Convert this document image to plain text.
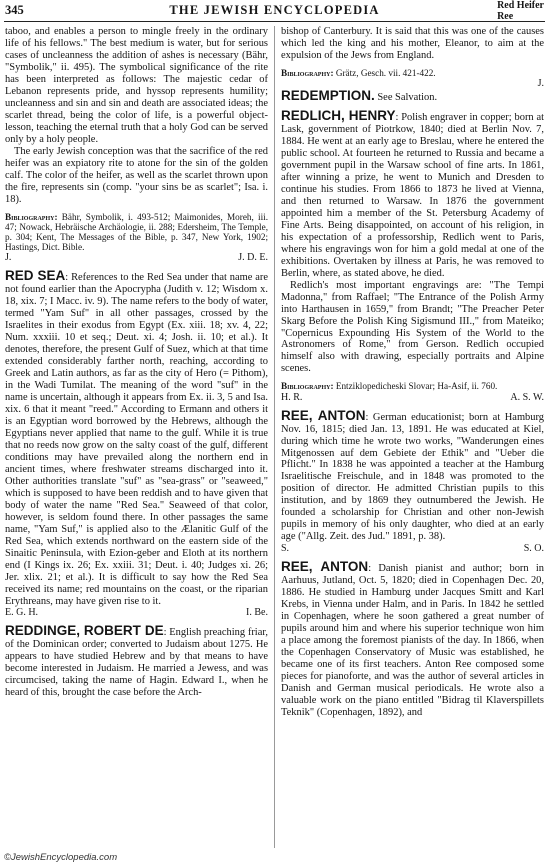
345	THE JEWISH ENCYCLOPEDIA	Red Heifer
Ree

taboo, and enables a person to mingle freely in the ordinary life of his fellows." The best medium is water, but for serious cases of uncleanness the addition of ashes is necessary (Bähr, "Symbolik," ii. 495). The symbolical significance of the rite has been interpreted as follows: The majestic cedar of Lebanon represents pride, and hyssop represents humility; uncleanness and sin and sin and death are associated ideas; the scarlet thread, being the color of life, is a powerful object-lesson, teaching the eternal truth that a holy God can be served only by a holy people.

The early Jewish conception was that the sacrifice of the red heifer was an expiatory rite to atone for the sin of the golden calf. The color of the heifer, as well as the scarlet thrown upon the fire, represents sin (comp. "your sins be as scarlet"; Isa. i. 18).

Bibliography: Bähr, Symbolik, i. 493-512; Maimonides, Moreh, iii. 47; Nowack, Hebräische Archäologie, ii. 288; Edersheim, The Temple, p. 304; Kent, The Messages of the Bible, p. 347, New York, 1902; Hastings, Dict. Bible.

J.	J. D. E.

RED SEA: References to the Red Sea under that name are not found earlier than the Apocrypha (Judith v. 12; Wisdom x. 18, xix. 7; I Macc. iv. 9). The name refers to the body of water, termed "Yam Suf" in all other passages, crossed by the Israelites in their exodus from Egypt (Ex. xiii. 18; xv. 4, 22; Num. xxxiii. 10 et seq.; Deut. xi. 4; Josh. ii. 10; et al.). It denotes, therefore, the present Gulf of Suez, which at that time extended considerably farther north, reaching, according to Greek and Latin authors, as far as the city of Hero (= Pithom), in the Wadi Tumilat. The meaning of the word "suf" in the name is uncertain, although it appears from Ex. ii. 3, 5 and Isa. xix. 6 that it meant "reed." According to Ermann and others it is an Egyptian word borrowed by the Hebrews, although the Egyptians never applied that name to the gulf. While it is true that no reeds now grow on the salty coast of the gulf, different conditions may have prevailed along the northern end in ancient times, where freshwater streams discharged into it. Other authorities translate "suf" as "sea-grass" or "seaweed," which is supposed to have been reddish and to have given that body of water the name "Red Sea." Seaweed of that color, however, is seldom found there. In other passages the same name, "Yam Suf," is applied also to the Ælanitic Gulf of the Red Sea, which extends northward on the eastern side of the Sinaitic Peninsula, with Ezion-geber and Eloth at its northern end (I Kings ix. 26; Ex. xxiii. 31; Deut. i. 40; Judges xi. 26; Jer. xlix. 21; et al.). It is difficult to say how the Red Sea received its name; red mountains on the coast, or the riparian Erythreans, may have given rise to it.

E. G. H.	I. Be.

REDDINGE, ROBERT DE: English preaching friar, of the Dominican order; converted to Judaism about 1275. He appears to have studied Hebrew and by that means to have become interested in Judaism. He married a Jewess, and was circumcised, taking the name of Hagin. Edward I., when he heard of this, brought the case before the Arch-

bishop of Canterbury. It is said that this was one of the causes which led the king and his mother, Eleanor, to aim at the expulsion of the Jews from England.

Bibliography: Grätz, Gesch. vii. 421-422.

J.

REDEMPTION. See Salvation.

REDLICH, HENRY: Polish engraver in copper; born at Lask, government of Piotrkow, 1840; died at Berlin Nov. 7, 1884. He went at an early age to Breslau, where he entered the public school. At fourteen he returned to Russia and became a government pupil in the Warsaw school of fine arts. In 1861, after winning a prize, he went to Munich and Dresden to continue his studies. From 1866 to 1873 he lived at Vienna, and then returned to Warsaw. In 1876 the government appointed him a member of the St. Petersburg Academy of Fine Arts. Being disappointed, on account of his religion, in his expectation of a professorship, Redlich went to Paris, where his engravings won for him a gold medal at one of the exhibitions. Overtaken by illness at Paris, he was removed to Berlin, where, as stated above, he died.

Redlich's most important engravings are: "The Tempi Madonna," from Raffael; "The Entrance of the Polish Army into Harthausen in 1659," from Brandt; "The Preacher Peter Skarg Before the Polish King Sigismund III.," from Mateiko; "Copernicus Expounding His System of the World to the Astronomers of Rome," from Gerson. Redlich occupied himself also with drawing, especially portraits and Alpine scenes.

Bibliography: Entziklopedicheski Slovar; Ha-Asif, ii. 760.

H. R.	A. S. W.

REE, ANTON: German educationist; born at Hamburg Nov. 16, 1815; died Jan. 13, 1891. He was educated at Kiel, during which time he wrote two works, "Wanderungen eines Mitgenossen auf dem Gebiete der Ethik" and "Ueber die Pflicht." In 1838 he was appointed a teacher at the Hamburg Israelitische Freischule, and in 1848 was promoted to the position of director. He admitted Christian pupils to this institution, and by 1869 they outnumbered the Jewish. He founded a scholarship for Christian and other non-Jewish pupils in memory of his only daughter, who died at an early age ("Allg. Zeit. des Jud." 1891, p. 38).

S.	S. O.

REE, ANTON: Danish pianist and author; born in Aarhuus, Jutland, Oct. 5, 1820; died in Copenhagen Dec. 20, 1886. He studied in Hamburg under Jacques Smitt and Karl Krebs, in Vienna under Halm, and in Paris. In 1842 he settled in Copenhagen, where he soon gathered a great number of pupils around him and where his superior technique won him a place among the foremost pianists of the day. In 1866, when the Copenhagen Conservatory of Music was established, he became one of its first teachers. Anton Ree composed some pieces for pianoforte, and was the author of several articles in Danish and German musical periodicals. He wrote also a valuable work on the piano entitled "Bidrag til Klaverspillets Teknik" (Copenhagen, 1892), and

©JewishEncyclopedia.com
